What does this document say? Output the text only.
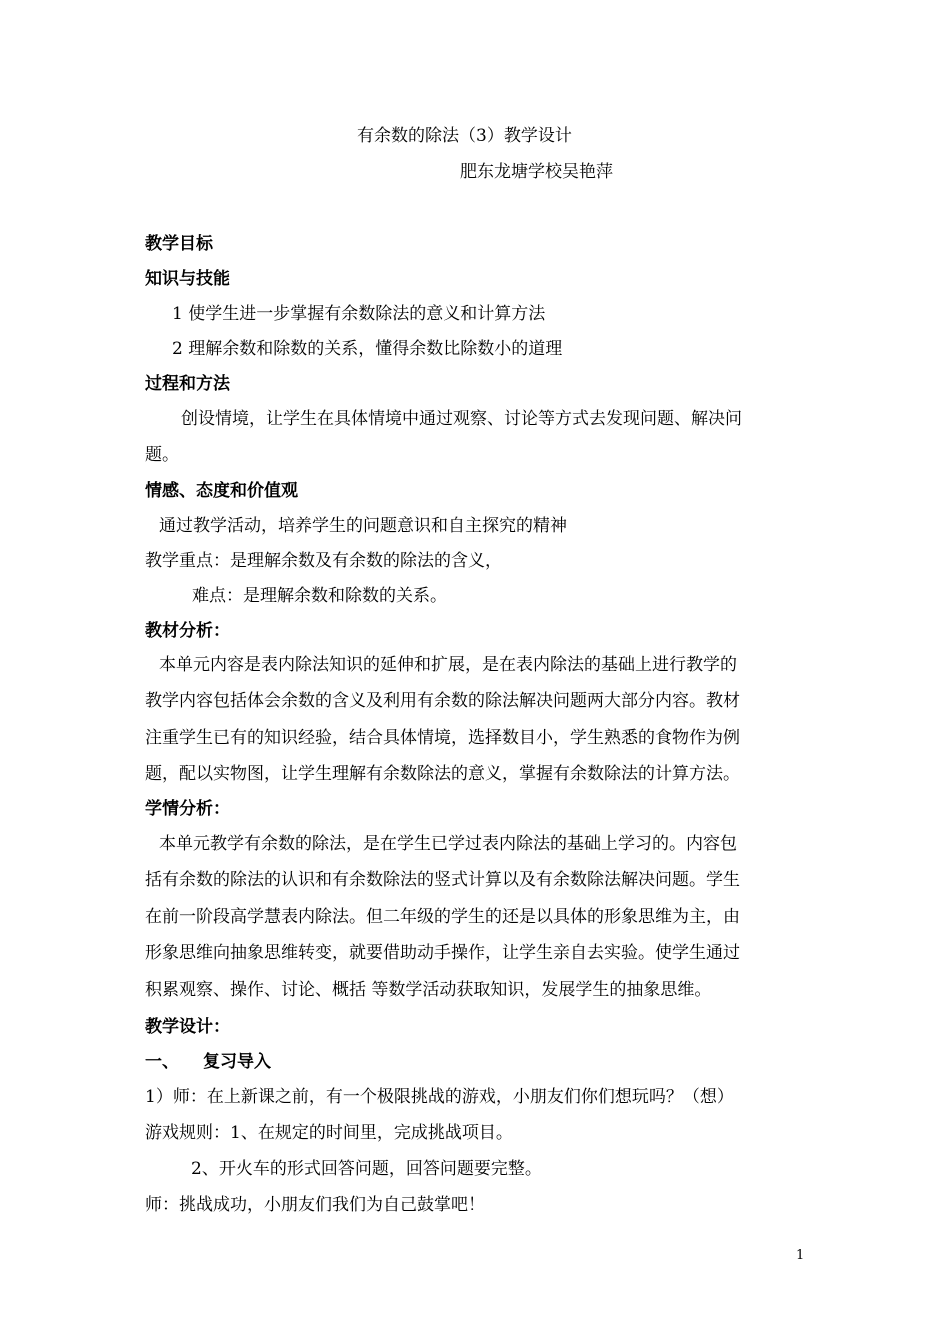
有余数的除法（3）教学设计
肥东龙塘学校吴艳萍
教学目标
知识与技能
1 使学生进一步掌握有余数除法的意义和计算方法
2 理解余数和除数的关系，懂得余数比除数小的道理
过程和方法
创设情境，让学生在具体情境中通过观察、讨论等方式去发现问题、解决问
题。
情感、态度和价值观
通过教学活动，培养学生的问题意识和自主探究的精神
教学重点：是理解余数及有余数的除法的含义，
难点：是理解余数和除数的关系。
教材分析：
本单元内容是表内除法知识的延伸和扩展，是在表内除法的基础上进行教学的
教学内容包括体会余数的含义及利用有余数的除法解决问题两大部分内容。教材
注重学生已有的知识经验，结合具体情境，选择数目小，学生熟悉的食物作为例
题，配以实物图，让学生理解有余数除法的意义，掌握有余数除法的计算方法。
学情分析：
本单元教学有余数的除法，是在学生已学过表内除法的基础上学习的。内容包
括有余数的除法的认识和有余数除法的竖式计算以及有余数除法解决问题。学生
在前一阶段高学慧表内除法。但二年级的学生的还是以具体的形象思维为主，由
形象思维向抽象思维转变，就要借助动手操作，让学生亲自去实验。使学生通过
积累观察、操作、讨论、概括 等数学活动获取知识，发展学生的抽象思维。
教学设计：
一、 复习导入
1）师：在上新课之前，有一个极限挑战的游戏，小朋友们你们想玩吗？（想）
游戏规则：1、在规定的时间里，完成挑战项目。
2、开火车的形式回答问题，回答问题要完整。
师：挑战成功，小朋友们我们为自己鼓掌吧！
1
